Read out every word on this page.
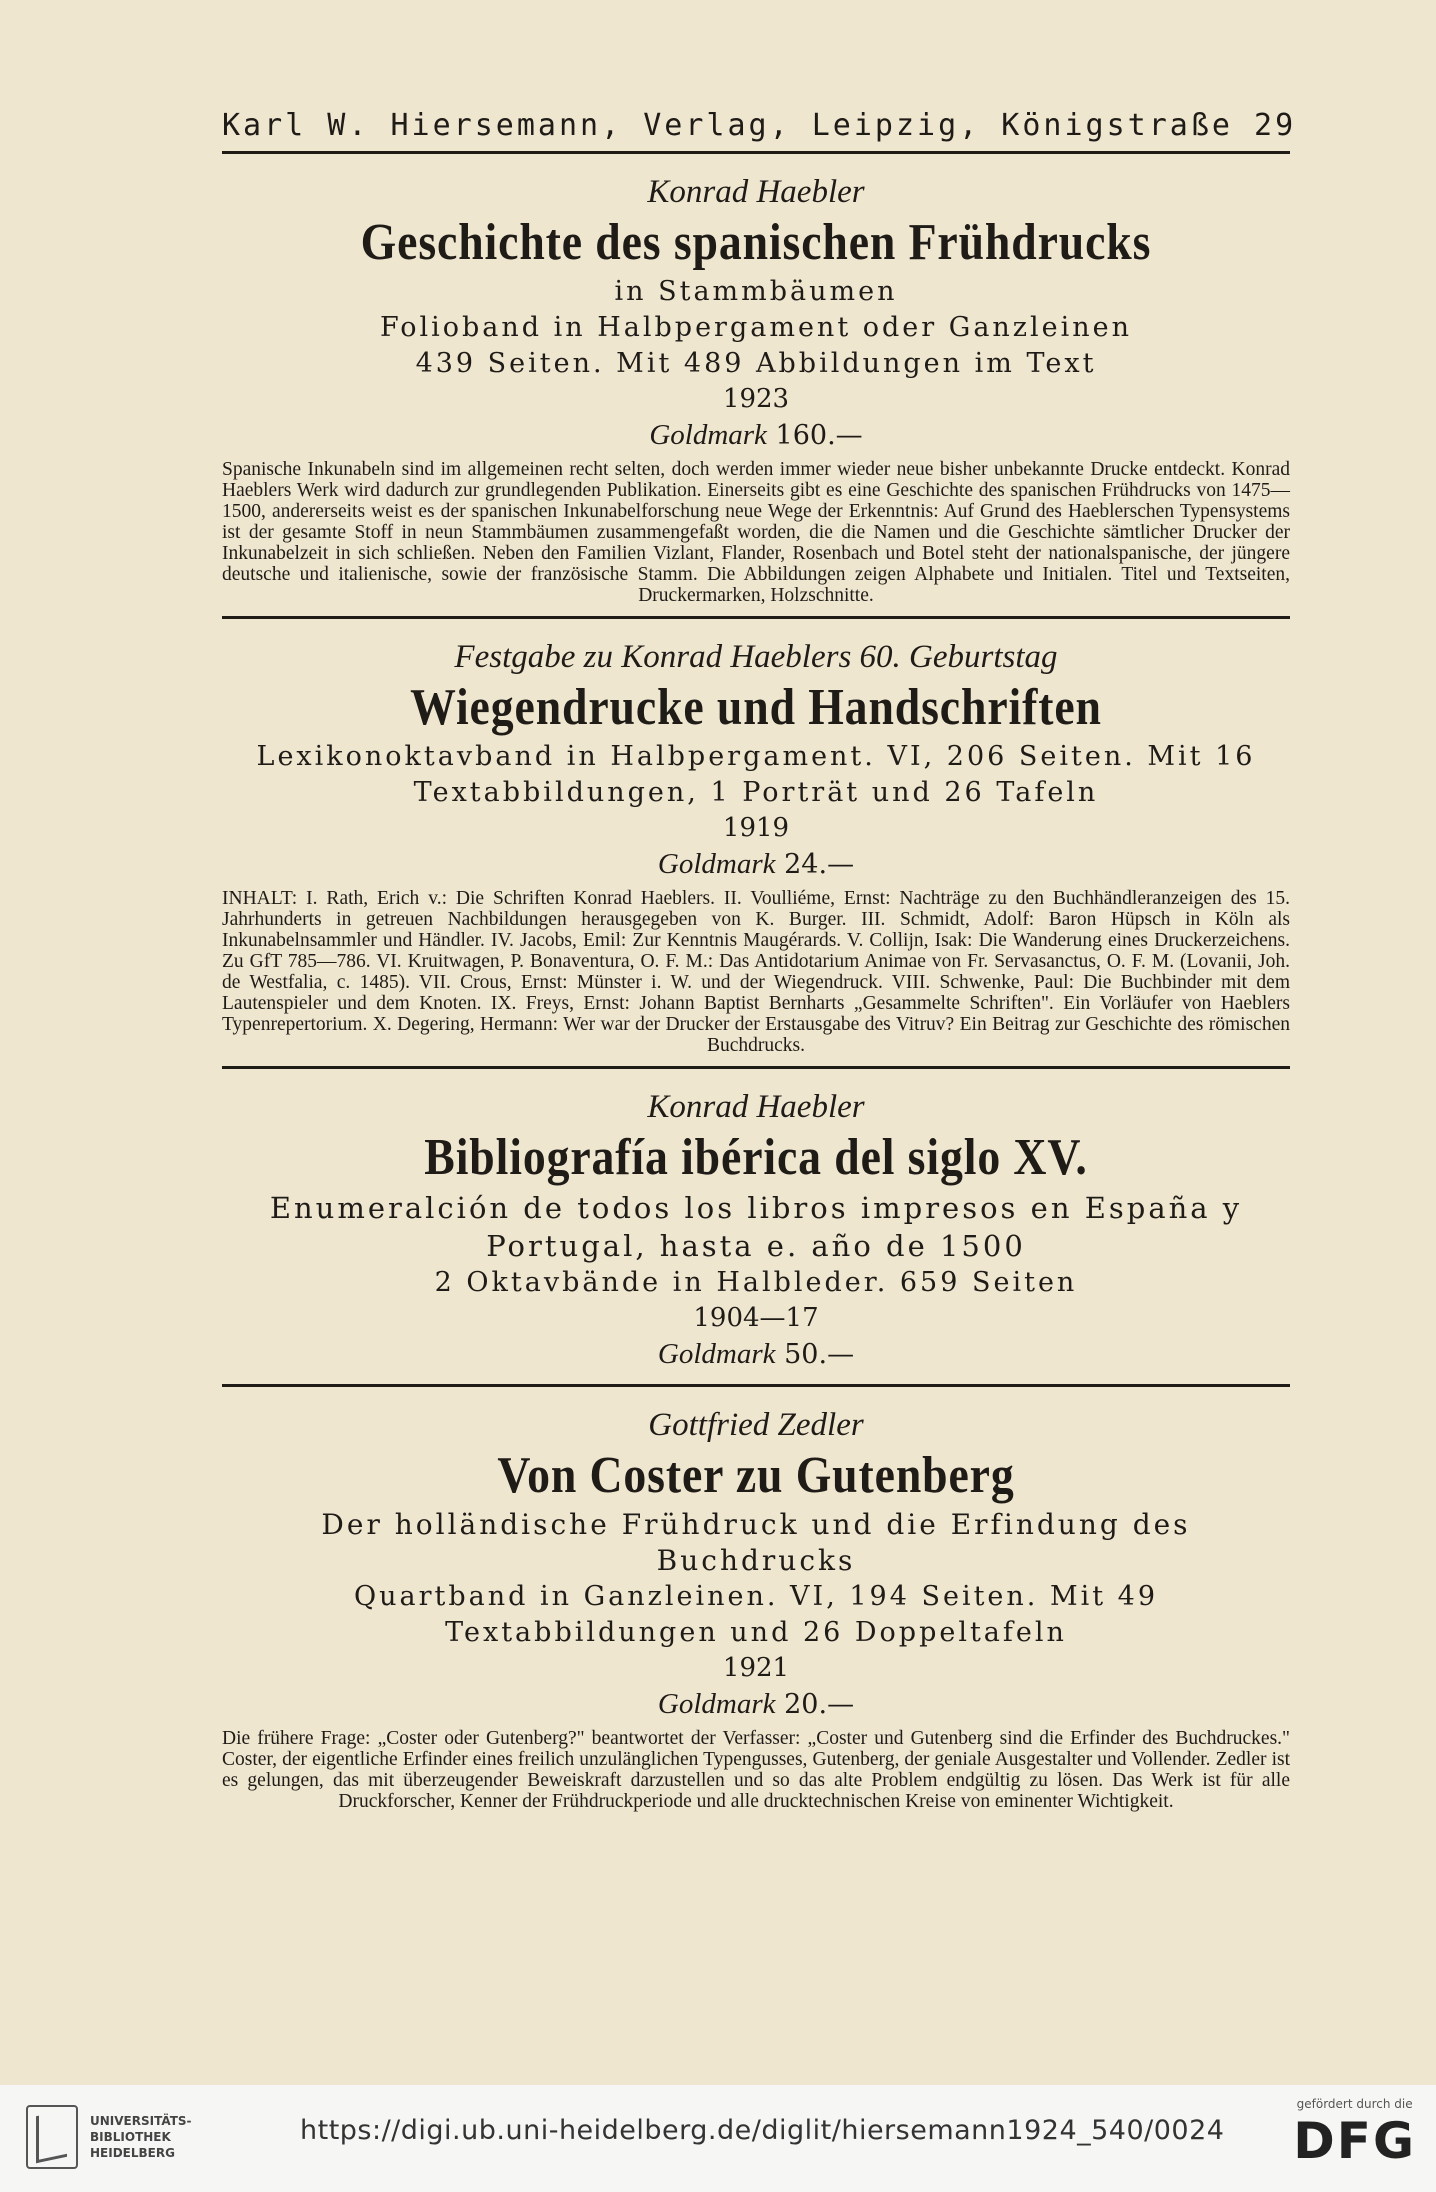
Karl W. Hiersemann, Verlag, Leipzig, Königstraße 29
Konrad Haebler
Geschichte des spanischen Frühdrucks
in Stammbäumen
Folioband in Halbpergament oder Ganzleinen
439 Seiten. Mit 489 Abbildungen im Text
1923
Goldmark 160.—
Spanische Inkunabeln sind im allgemeinen recht selten, doch werden immer wieder neue bisher unbekannte Drucke entdeckt. Konrad Haeblers Werk wird dadurch zur grundlegenden Publikation. Einerseits gibt es eine Geschichte des spanischen Frühdrucks von 1475—1500, andererseits weist es der spanischen Inkunabelforschung neue Wege der Erkenntnis: Auf Grund des Haeblerschen Typensystems ist der gesamte Stoff in neun Stammbäumen zusammengefaßt worden, die die Namen und die Geschichte sämtlicher Drucker der Inkunabelzeit in sich schließen. Neben den Familien Vizlant, Flander, Rosenbach und Botel steht der nationalspanische, der jüngere deutsche und italienische, sowie der französische Stamm. Die Abbildungen zeigen Alphabete und Initialen. Titel und Textseiten, Druckermarken, Holzschnitte.
Festgabe zu Konrad Haeblers 60. Geburtstag
Wiegendrucke und Handschriften
Lexikonoktavband in Halbpergament. VI, 206 Seiten. Mit 16 Textabbildungen, 1 Porträt und 26 Tafeln
1919
Goldmark 24.—
INHALT: I. Rath, Erich v.: Die Schriften Konrad Haeblers. II. Voulliéme, Ernst: Nachträge zu den Buchhändleranzeigen des 15. Jahrhunderts in getreuen Nachbildungen herausgegeben von K. Burger. III. Schmidt, Adolf: Baron Hüpsch in Köln als Inkunabelnsammler und Händler. IV. Jacobs, Emil: Zur Kenntnis Maugérards. V. Collijn, Isak: Die Wanderung eines Druckerzeichens. Zu GfT 785—786. VI. Kruitwagen, P. Bonaventura, O. F. M.: Das Antidotarium Animae von Fr. Servasanctus, O. F. M. (Lovanii, Joh. de Westfalia, c. 1485). VII. Crous, Ernst: Münster i. W. und der Wiegendruck. VIII. Schwenke, Paul: Die Buchbinder mit dem Lautenspieler und dem Knoten. IX. Freys, Ernst: Johann Baptist Bernharts „Gesammelte Schriften". Ein Vorläufer von Haeblers Typenrepertorium. X. Degering, Hermann: Wer war der Drucker der Erstausgabe des Vitruv? Ein Beitrag zur Geschichte des römischen Buchdrucks.
Konrad Haebler
Bibliografía ibérica del siglo XV.
Enumeralción de todos los libros impresos en España y Portugal, hasta e. año de 1500
2 Oktavbände in Halbleder. 659 Seiten
1904—17
Goldmark 50.—
Gottfried Zedler
Von Coster zu Gutenberg
Der holländische Frühdruck und die Erfindung des Buchdrucks
Quartband in Ganzleinen. VI, 194 Seiten. Mit 49 Textabbildungen und 26 Doppeltafeln
1921
Goldmark 20.—
Die frühere Frage: „Coster oder Gutenberg?" beantwortet der Verfasser: „Coster und Gutenberg sind die Erfinder des Buchdruckes." Coster, der eigentliche Erfinder eines freilich unzulänglichen Typengusses, Gutenberg, der geniale Ausgestalter und Vollender. Zedler ist es gelungen, das mit überzeugender Beweiskraft darzustellen und so das alte Problem endgültig zu lösen. Das Werk ist für alle Druckforscher, Kenner der Frühdruckperiode und alle drucktechnischen Kreise von eminenter Wichtigkeit.
UNIVERSITÄTS-
BIBLIOTHEK
HEIDELBERG
https://digi.ub.uni-heidelberg.de/diglit/hiersemann1924_540/0024
gefördert durch die
DFG
